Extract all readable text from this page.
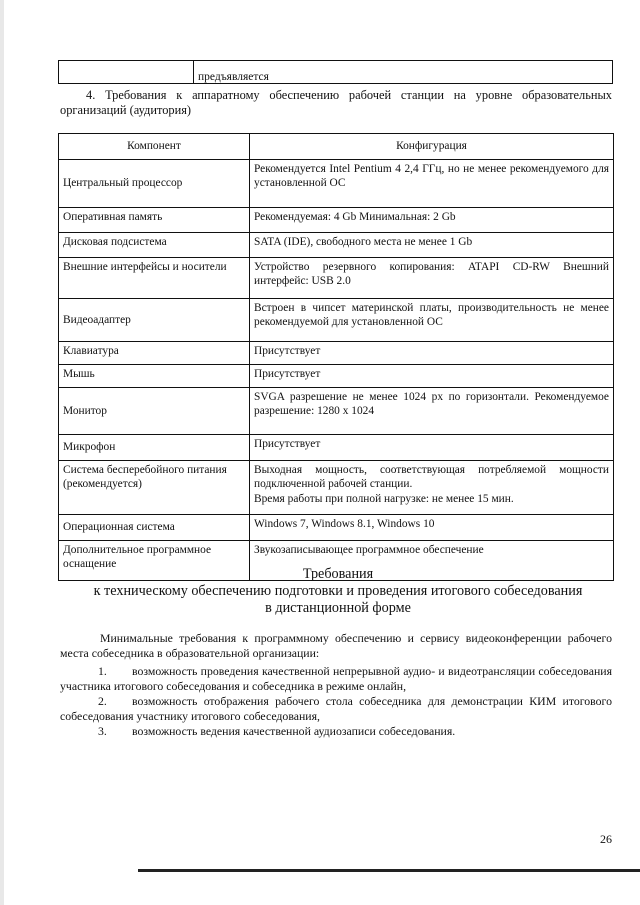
	предъявляется
4. Требования к аппаратному обеспечению рабочей станции на уровне образовательных организаций (аудитория)
Компонент	Конфигурация
Центральный процессор	Рекомендуется Intel Pentium 4 2,4 ГГц, но не менее рекомендуемого для установленной ОС
Оперативная память	Рекомендуемая: 4 Gb Минимальная: 2 Gb
Дисковая подсистема	SATA (IDE), свободного места не менее 1 Gb
Внешние интерфейсы и носители	Устройство резервного копирования: ATAPI CD-RW Внешний интерфейс: USB 2.0
Видеоадаптер	Встроен в чипсет материнской платы, производительность не менее рекомендуемой для установленной ОС
Клавиатура	Присутствует
Мышь	Присутствует
Монитор	SVGA разрешение не менее 1024 px по горизонтали. Рекомендуемое разрешение: 1280 x 1024
Микрофон	Присутствует
Система бесперебойного питания (рекомендуется)	Выходная мощность, соответствующая потребляемой мощности подключенной рабочей станции.
Время работы при полной нагрузке: не менее 15 мин.

Операционная система	Windows 7, Windows 8.1, Windows 10
Дополнительное программное оснащение	Звукозаписывающее программное обеспечение
Требования
к техническому обеспечению подготовки и проведения итогового собеседования
в дистанционной форме
Минимальные требования к программному обеспечению и сервису видеоконференции рабочего места собеседника в образовательной организации:
1. возможность проведения качественной непрерывной аудио- и видеотрансляции собеседования участника итогового собеседования и собеседника в режиме онлайн,
2. возможность отображения рабочего стола собеседника для демонстрации КИМ итогового собеседования участнику итогового собеседования,
3. возможность ведения качественной аудиозаписи собеседования.
26
